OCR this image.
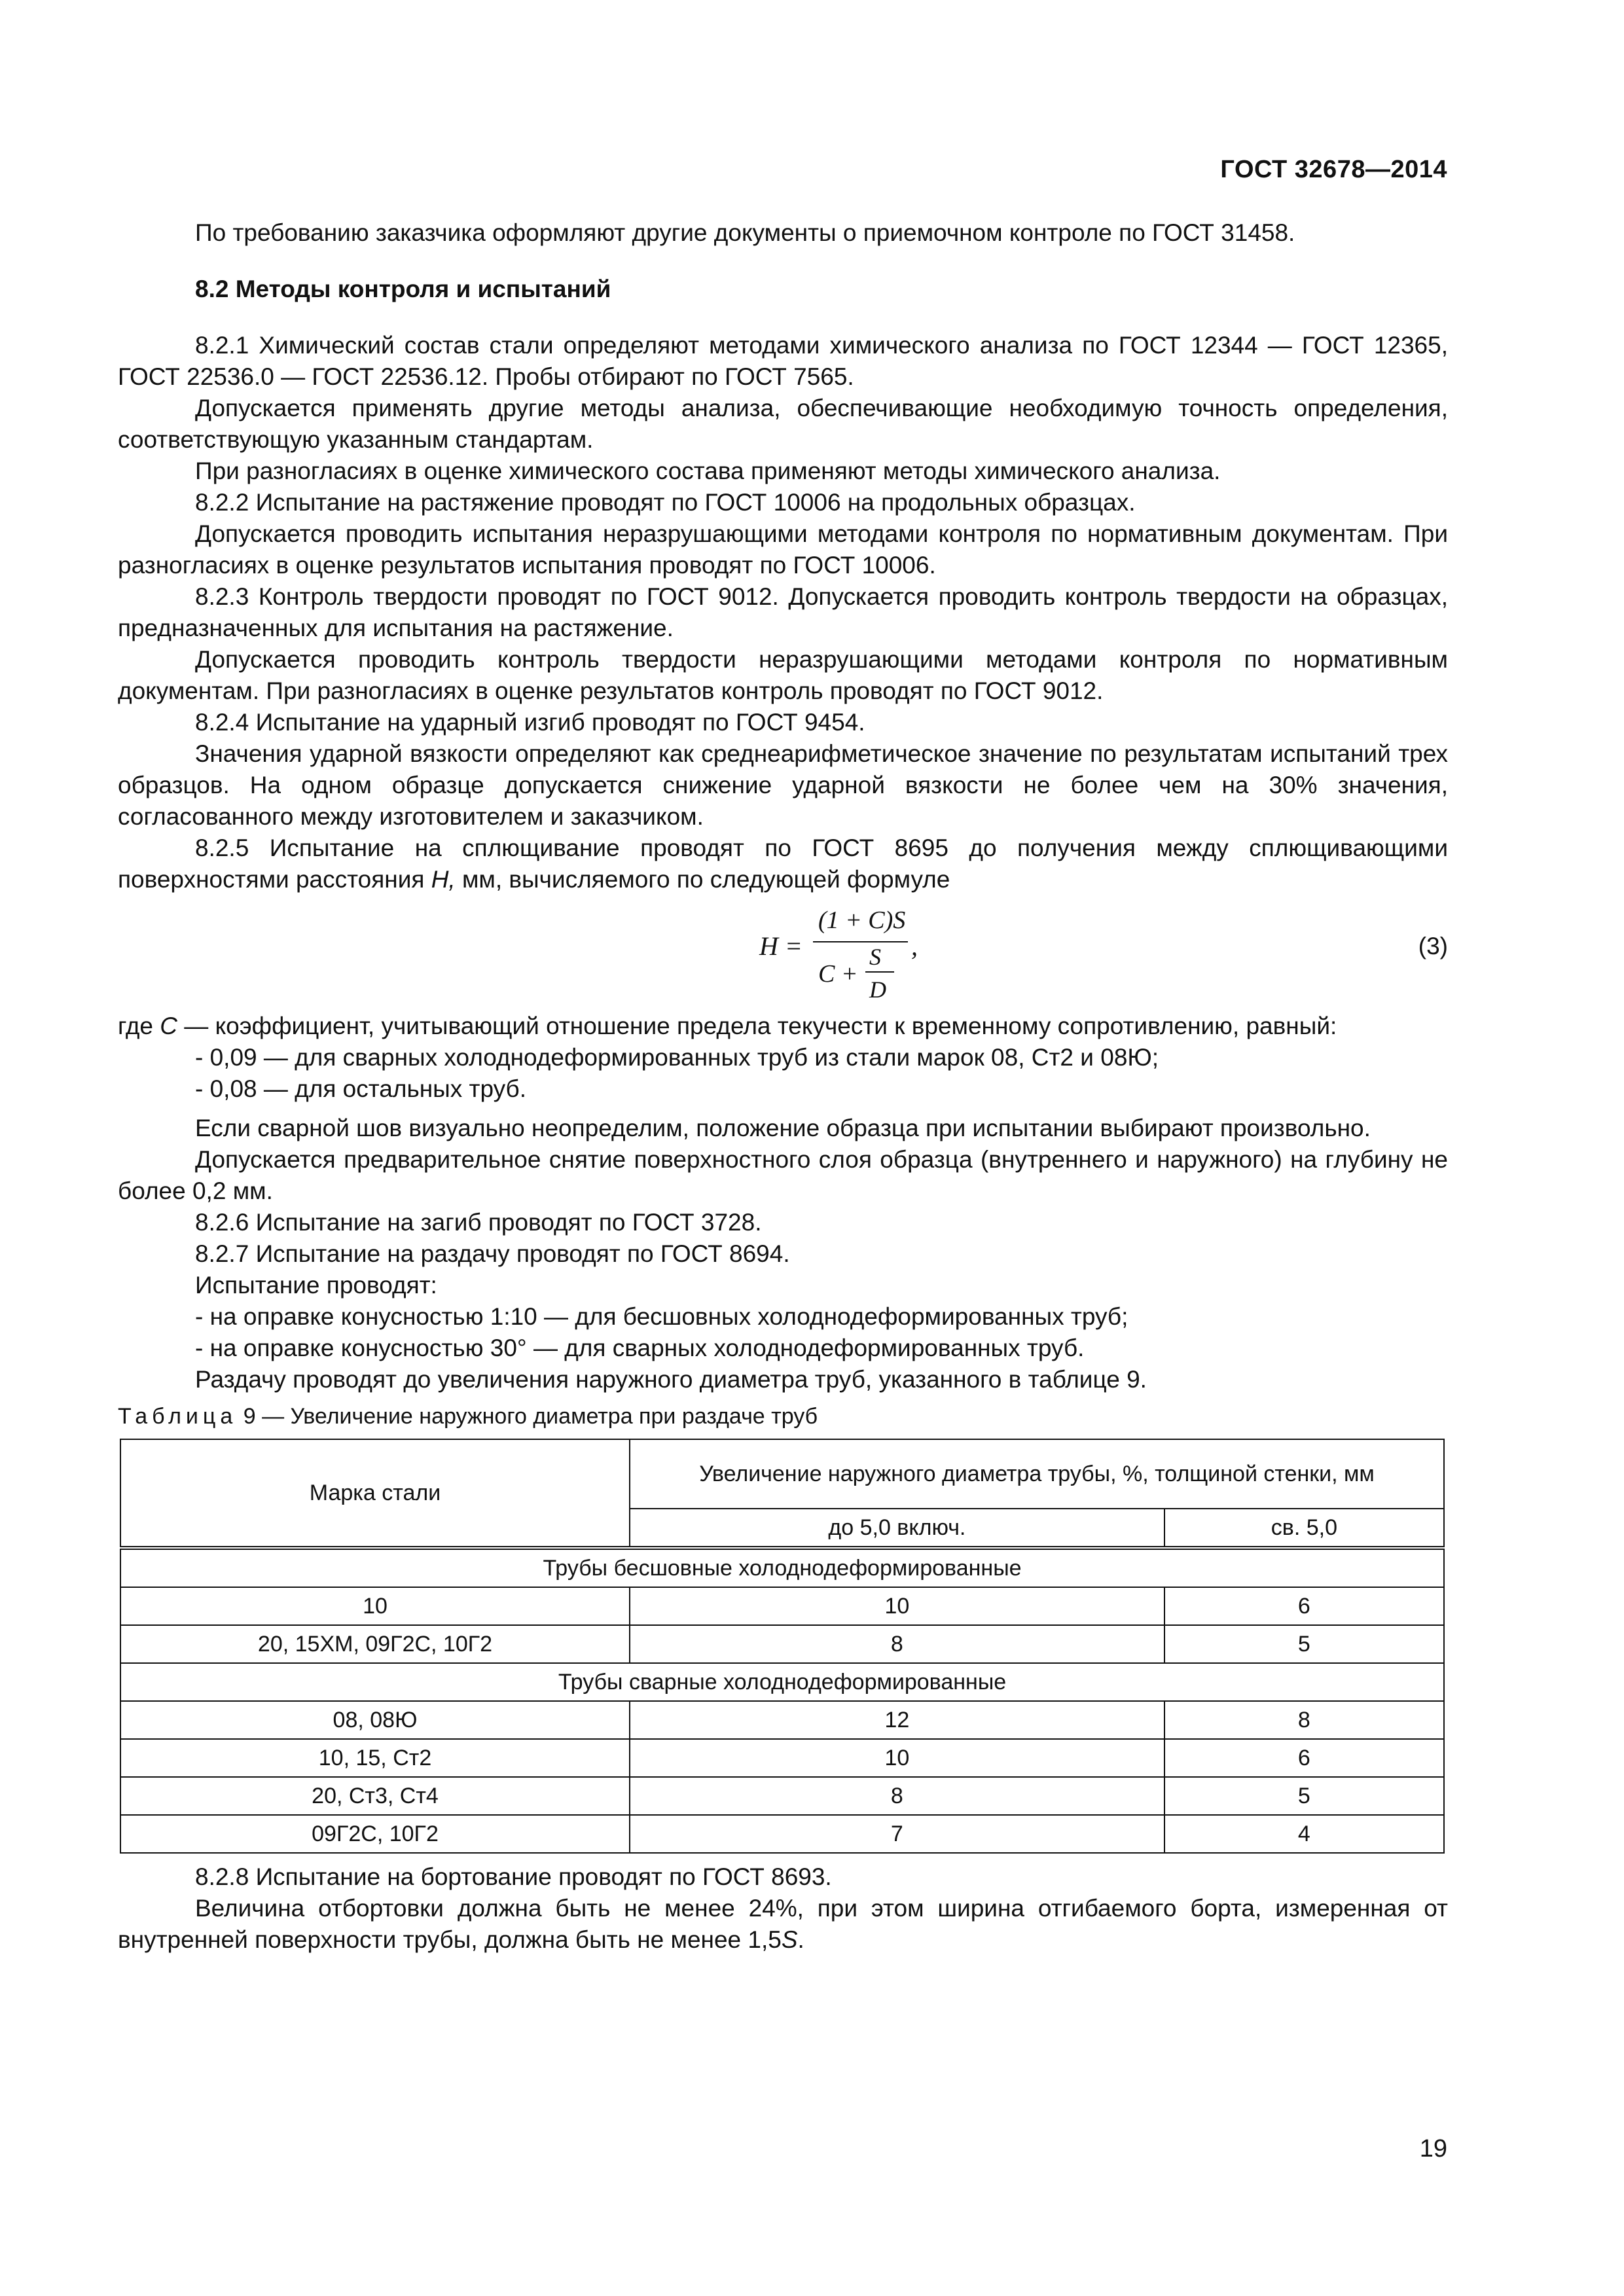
ГОСТ 32678—2014

По требованию заказчика оформляют другие документы о приемочном контроле по ГОСТ 31458.

8.2 Методы контроля и испытаний

8.2.1 Химический состав стали определяют методами химического анализа по ГОСТ 12344 — ГОСТ 12365, ГОСТ 22536.0 — ГОСТ 22536.12. Пробы отбирают по ГОСТ 7565.

Допускается применять другие методы анализа, обеспечивающие необходимую точность определения, соответствующую указанным стандартам.

При разногласиях в оценке химического состава применяют методы химического анализа.

8.2.2 Испытание на растяжение проводят по ГОСТ 10006 на продольных образцах.

Допускается проводить испытания неразрушающими методами контроля по нормативным документам. При разногласиях в оценке результатов испытания проводят по ГОСТ 10006.

8.2.3 Контроль твердости проводят по ГОСТ 9012. Допускается проводить контроль твердости на образцах, предназначенных для испытания на растяжение.

Допускается проводить контроль твердости неразрушающими методами контроля по нормативным документам. При разногласиях в оценке результатов контроль проводят по ГОСТ 9012.

8.2.4 Испытание на ударный изгиб проводят по ГОСТ 9454.

Значения ударной вязкости определяют как среднеарифметическое значение по результатам испытаний трех образцов. На одном образце допускается снижение ударной вязкости не более чем на 30% значения, согласованного между изготовителем и заказчиком.

8.2.5 Испытание на сплющивание проводят по ГОСТ 8695 до получения между сплющивающими поверхностями расстояния H, мм, вычисляемого по следующей формуле

H =
(1 + C)S
,
C +
S
D
(3)

где C — коэффициент, учитывающий отношение предела текучести к временному сопротивлению, равный:

- 0,09 — для сварных холоднодеформированных труб из стали марок 08, Ст2 и 08Ю;

- 0,08 — для остальных труб.

Если сварной шов визуально неопределим, положение образца при испытании выбирают произвольно.

Допускается предварительное снятие поверхностного слоя образца (внутреннего и наружного) на глубину не более 0,2 мм.

8.2.6 Испытание на загиб проводят по ГОСТ 3728.

8.2.7 Испытание на раздачу проводят по ГОСТ 8694.

Испытание проводят:

- на оправке конусностью 1:10 — для бесшовных холоднодеформированных труб;

- на оправке конусностью 30° — для сварных холоднодеформированных труб.

Раздачу проводят до увеличения наружного диаметра труб, указанного в таблице 9.

Таблица 9 — Увеличение наружного диаметра при раздаче труб

Марка стали	Увеличение наружного диаметра трубы, %, толщиной стенки, мм	
	до 5,0 включ.	св. 5,0
Трубы бесшовные холоднодеформированные		
10	10	6
20, 15ХМ, 09Г2С, 10Г2	8	5
Трубы сварные холоднодеформированные		
08, 08Ю	12	8
10, 15, Ст2	10	6
20, Ст3, Ст4	8	5
09Г2С, 10Г2	7	4

8.2.8 Испытание на бортование проводят по ГОСТ 8693.

Величина отбортовки должна быть не менее 24%, при этом ширина отгибаемого борта, измеренная от внутренней поверхности трубы, должна быть не менее 1,5S.

19
